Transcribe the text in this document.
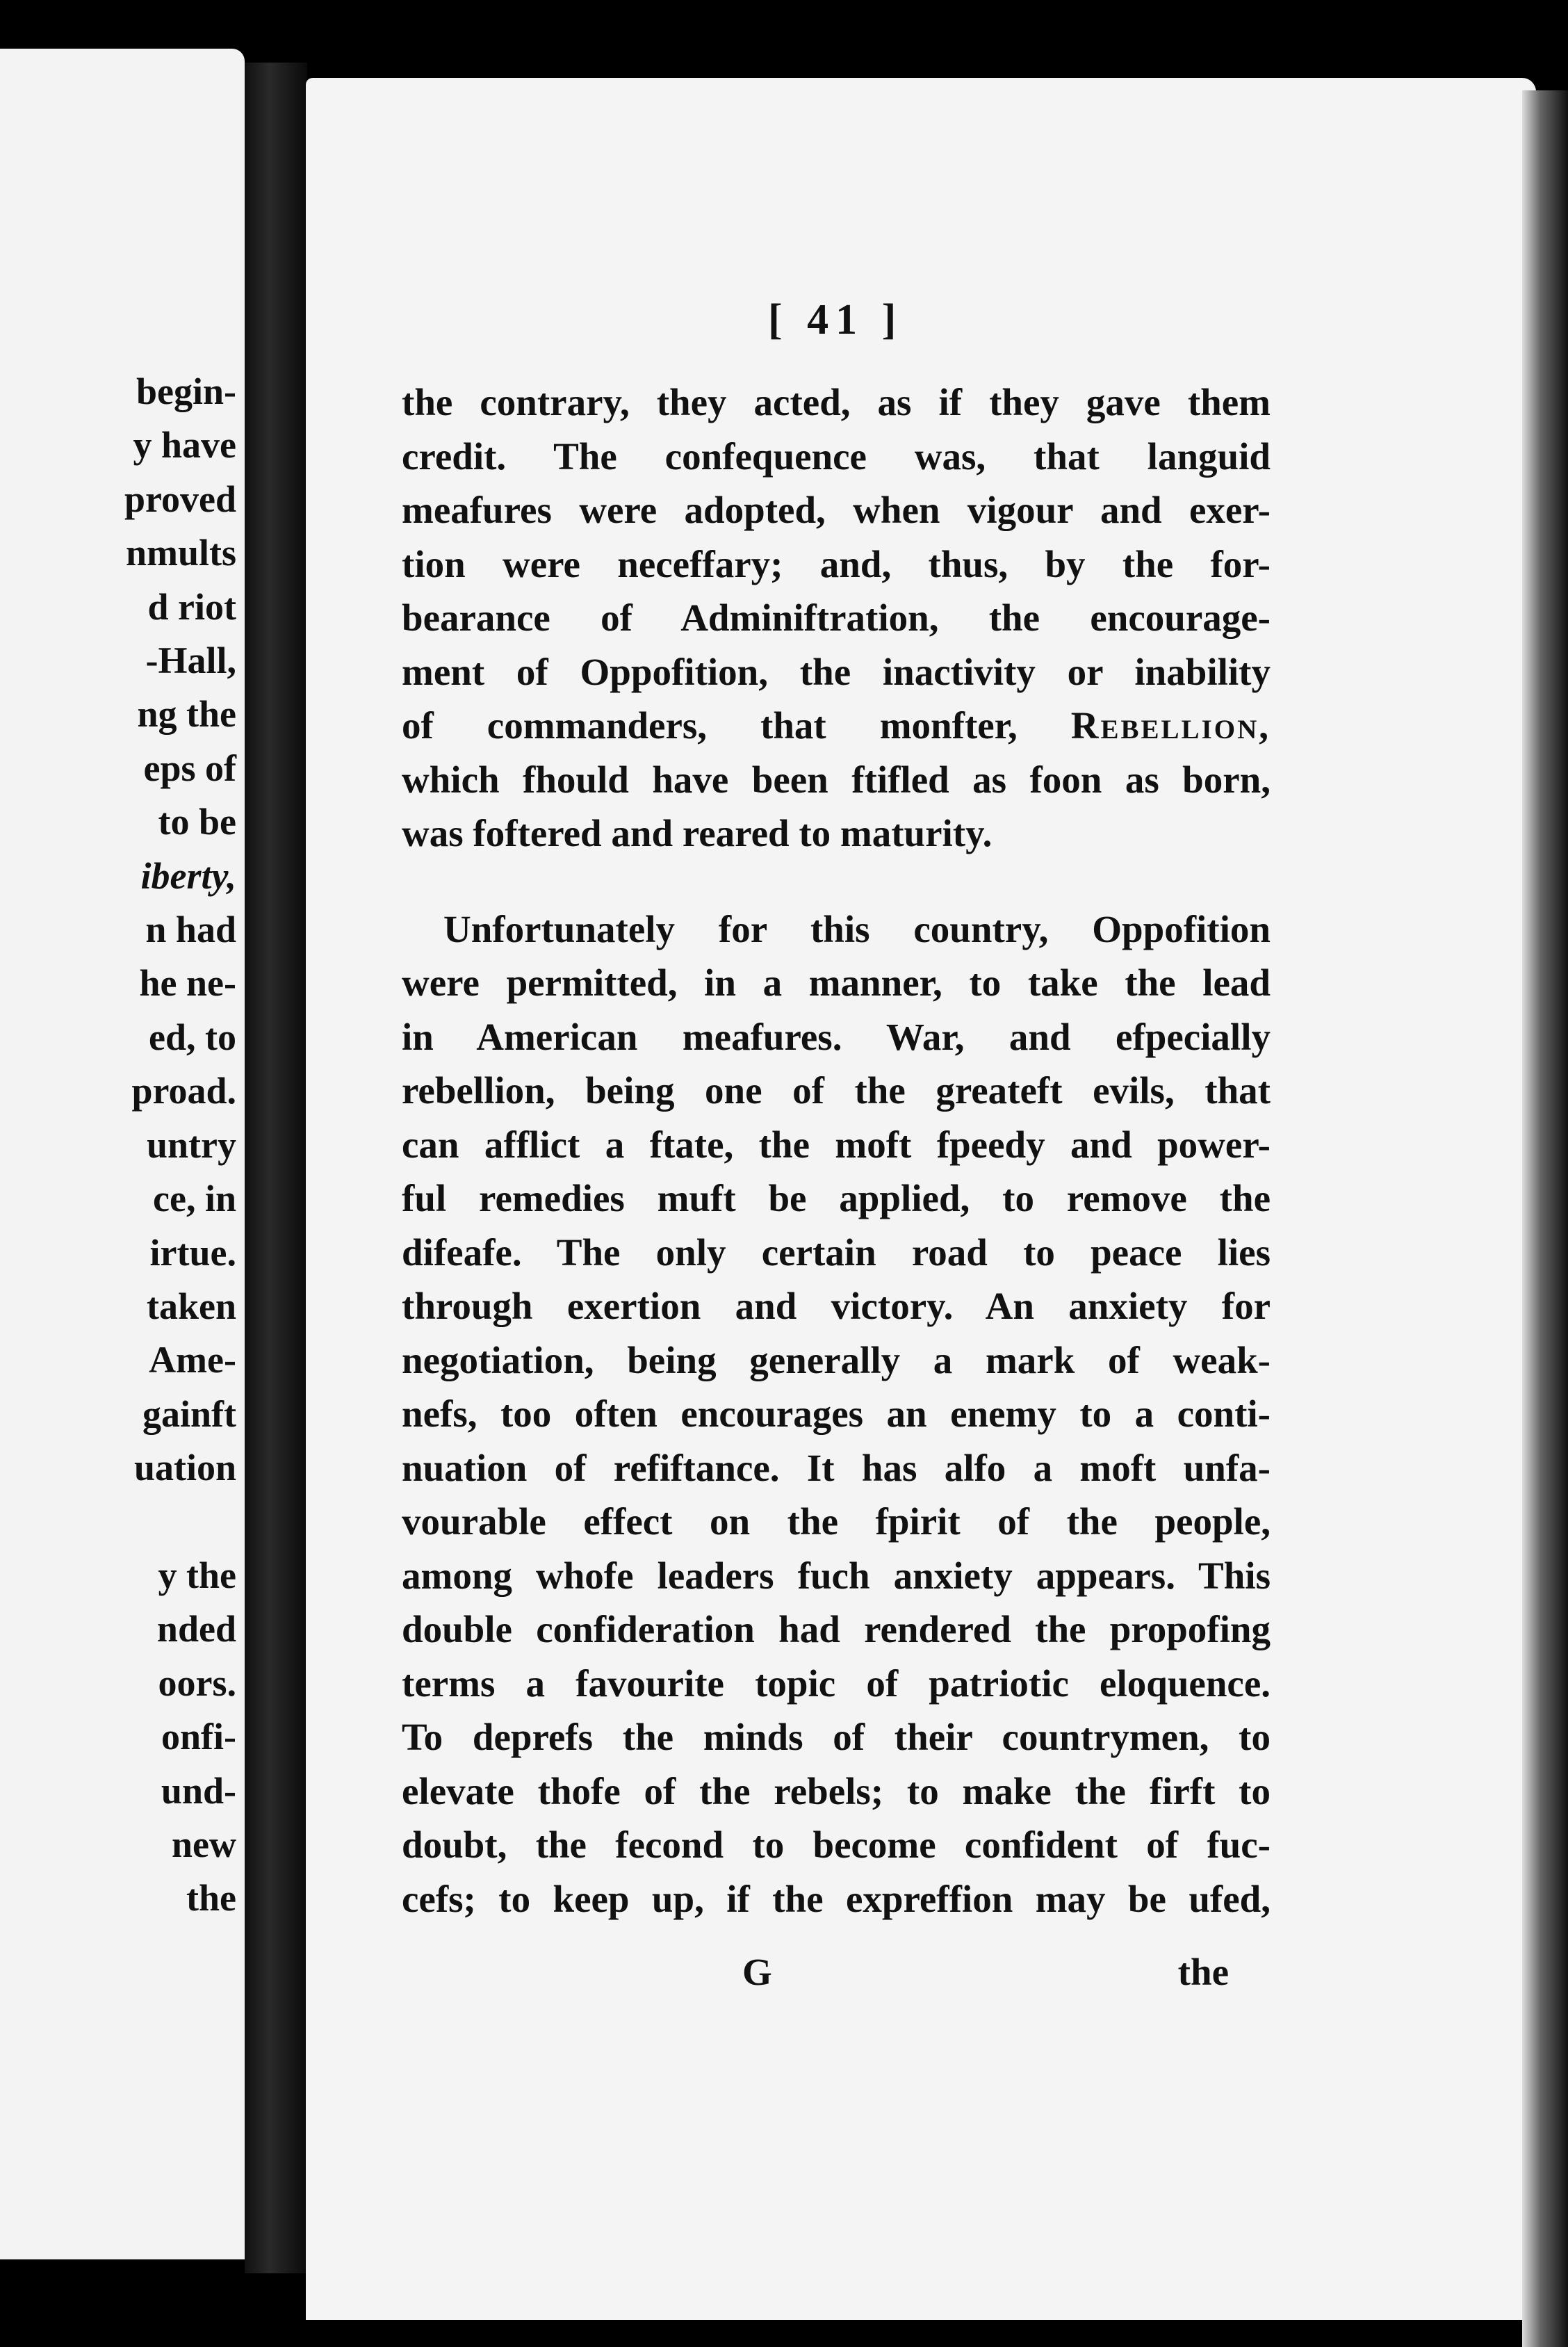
begin-
y have
proved
nmults
d riot
-Hall,
ng the
eps of
to be
iberty,
n had
he ne-
ed, to
proad.
untry
ce, in
irtue.
taken
Ame-
gainft
uation
y the
nded
oors.
onfi-
und-
new
the
[ 41 ]
the contrary, they acted, as if they gave them
credit. The confequence was, that languid
meafures were adopted, when vigour and exer-
tion were neceffary; and, thus, by the for-
bearance of Adminiftration, the encourage-
ment of Oppofition, the inactivity or inability
of commanders, that monfter, Rebellion,
which fhould have been ftifled as foon as born,
was foftered and reared to maturity.
Unfortunately for this country, Oppofition
were permitted, in a manner, to take the lead
in American meafures. War, and efpecially
rebellion, being one of the greateft evils, that
can afflict a ftate, the moft fpeedy and power-
ful remedies muft be applied, to remove the
difeafe. The only certain road to peace lies
through exertion and victory. An anxiety for
negotiation, being generally a mark of weak-
nefs, too often encourages an enemy to a conti-
nuation of refiftance. It has alfo a moft unfa-
vourable effect on the fpirit of the people,
among whofe leaders fuch anxiety appears. This
double confideration had rendered the propofing
terms a favourite topic of patriotic eloquence.
To deprefs the minds of their countrymen, to
elevate thofe of the rebels; to make the firft to
doubt, the fecond to become confident of fuc-
cefs; to keep up, if the expreffion may be ufed,
G	the
